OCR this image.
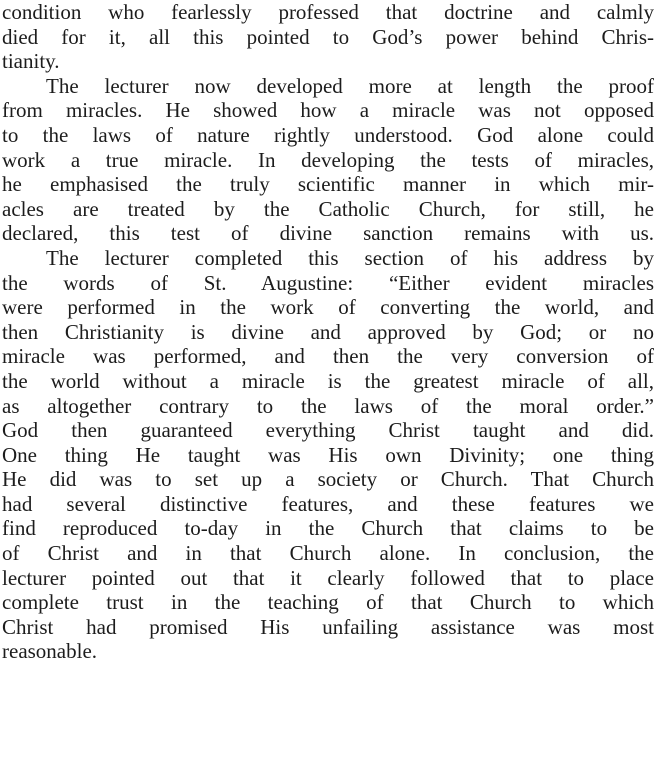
condition who fearlessly professed that doctrine and calmly
died for it, all this pointed to God’s power behind Chris-
tianity.
The lecturer now developed more at length the proof
from miracles. He showed how a miracle was not opposed
to the laws of nature rightly understood. God alone could
work a true miracle. In developing the tests of miracles,
he emphasised the truly scientific manner in which mir-
acles are treated by the Catholic Church, for still, he
declared, this test of divine sanction remains with us.
The lecturer completed this section of his address by
the words of St. Augustine: “Either evident miracles
were performed in the work of converting the world, and
then Christianity is divine and approved by God; or no
miracle was performed, and then the very conversion of
the world without a miracle is the greatest miracle of all,
as altogether contrary to the laws of the moral order.”
God then guaranteed everything Christ taught and did.
One thing He taught was His own Divinity; one thing
He did was to set up a society or Church. That Church
had several distinctive features, and these features we
find reproduced to-day in the Church that claims to be
of Christ and in that Church alone. In conclusion, the
lecturer pointed out that it clearly followed that to place
complete trust in the teaching of that Church to which
Christ had promised His unfailing assistance was most
reasonable.
